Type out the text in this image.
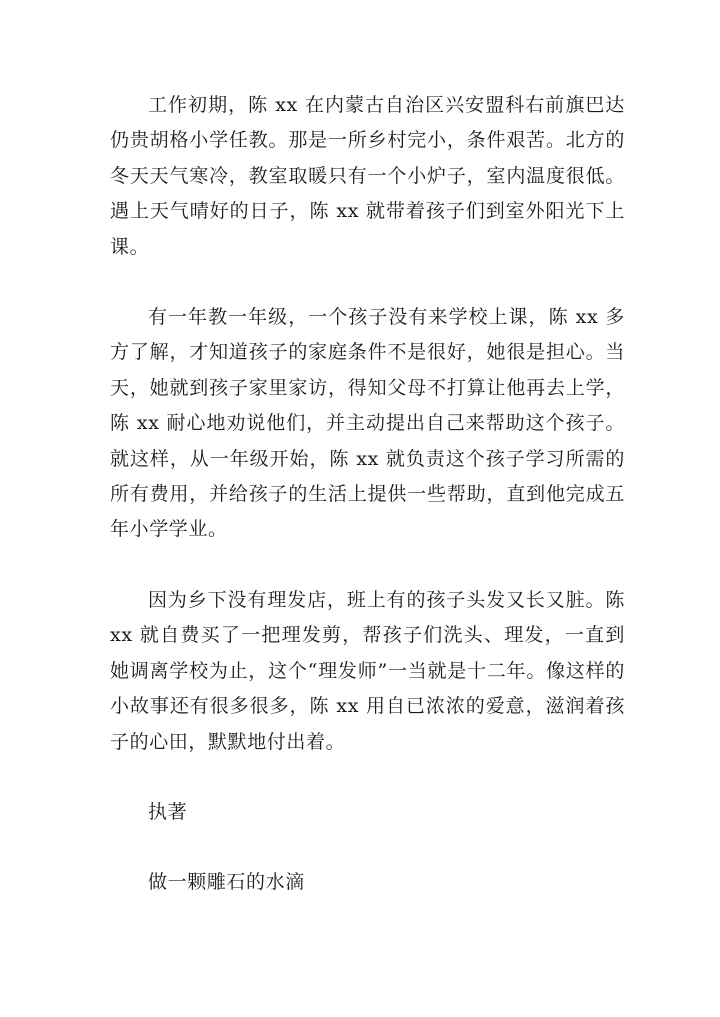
工作初期，陈 xx 在内蒙古自治区兴安盟科右前旗巴达仍贵胡格小学任教。那是一所乡村完小，条件艰苦。北方的冬天天气寒冷，教室取暖只有一个小炉子，室内温度很低。遇上天气晴好的日子，陈 xx 就带着孩子们到室外阳光下上课。

有一年教一年级，一个孩子没有来学校上课，陈 xx 多方了解，才知道孩子的家庭条件不是很好，她很是担心。当天，她就到孩子家里家访，得知父母不打算让他再去上学，陈 xx 耐心地劝说他们，并主动提出自己来帮助这个孩子。就这样，从一年级开始，陈 xx 就负责这个孩子学习所需的所有费用，并给孩子的生活上提供一些帮助，直到他完成五年小学学业。

因为乡下没有理发店，班上有的孩子头发又长又脏。陈 xx 就自费买了一把理发剪，帮孩子们洗头、理发，一直到她调离学校为止，这个“理发师”一当就是十二年。像这样的小故事还有很多很多，陈 xx 用自已浓浓的爱意，滋润着孩子的心田，默默地付出着。

执著

做一颗雕石的水滴
